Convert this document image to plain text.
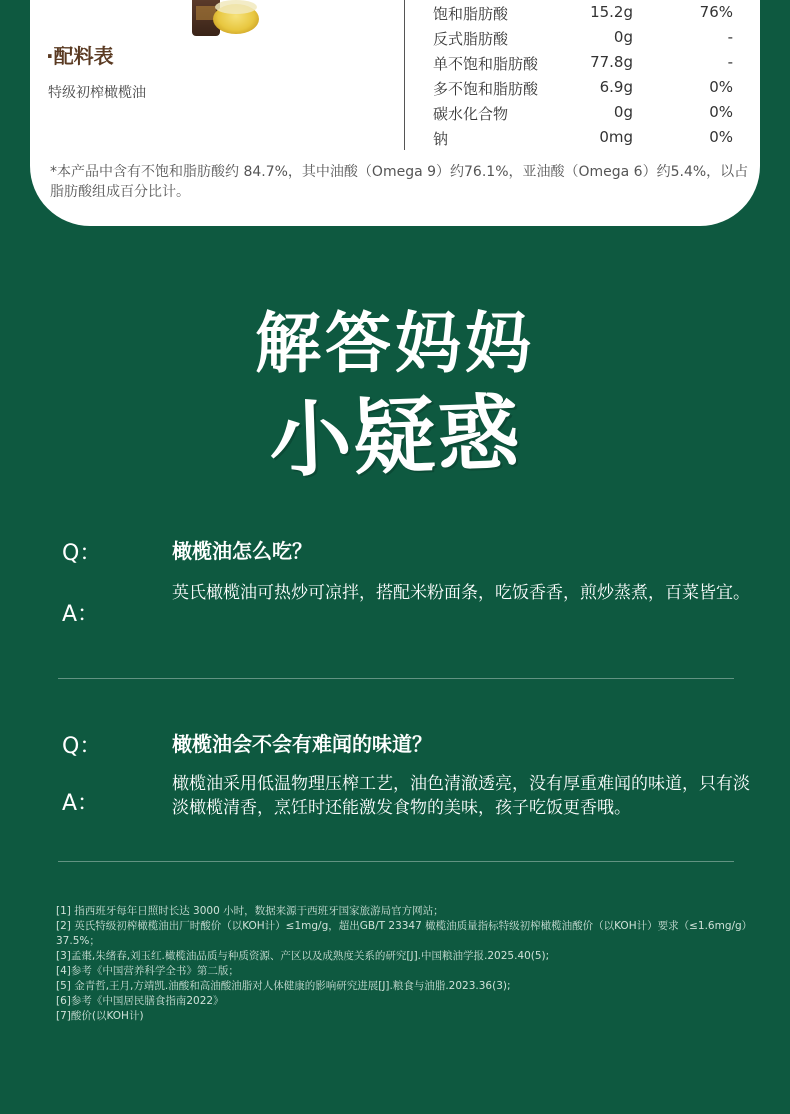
·配料表
特级初榨橄榄油
饱和脂肪酸	15.2g	76%
反式脂肪酸	0g	-
单不饱和脂肪酸	77.8g	-
多不饱和脂肪酸	6.9g	0%
碳水化合物	0g	0%
钠	0mg	0%
*本产品中含有不饱和脂肪酸约 84.7%，其中油酸（Omega 9）约76.1%，亚油酸（Omega 6）约5.4%，以占脂肪酸组成百分比计。
解答妈妈
小疑惑
Q：	橄榄油怎么吃？
A：
英氏橄榄油可热炒可凉拌，搭配米粉面条，吃饭香香，煎炒蒸煮，百菜皆宜。
Q：	橄榄油会不会有难闻的味道？
A：
橄榄油采用低温物理压榨工艺，油色清澈透亮，没有厚重难闻的味道，只有淡淡橄榄清香，烹饪时还能激发食物的美味，孩子吃饭更香哦。
[1] 指西班牙每年日照时长达 3000 小时，数据来源于西班牙国家旅游局官方网站；
[2] 英氏特级初榨橄榄油出厂时酸价（以KOH计）≤1mg/g，超出GB/T 23347 橄榄油质量指标特级初榨橄榄油酸价（以KOH计）要求（≤1.6mg/g）37.5%；
[3]孟棗,朱绪春,刘玉红.橄榄油品质与种质资源、产区以及成熟度关系的研究[J].中国粮油学报.2025.40(5);
[4]参考《中国营养科学全书》第二版；
[5] 金青哲,王月,方靖凯.油酸和高油酸油脂对人体健康的影响研究进展[J].粮食与油脂.2023.36(3);
[6]参考《中国居民膳食指南2022》
[7]酸价(以KOH计)
